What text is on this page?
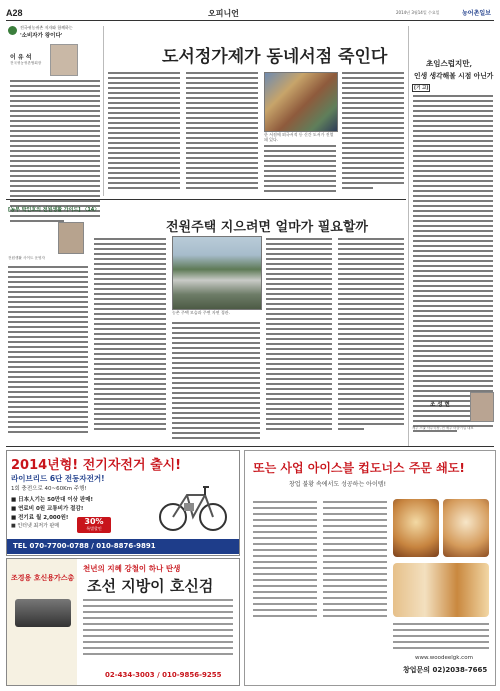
A28	오피니언	2014년 3월14일 수요일	농어촌일보
전국귀농귀촌 저자와 함께하는
'소비자가 왕이다'
이 유 석
전국귀농귀촌협회장	도서정가제가 동네서점 죽인다
한 서점에 외국서적 등 신간 도서가 진열돼 있다.
초임스럽지만,
인생 생각해볼 시점 아닌가
[기 고]
조 성 현
제주 스쿨 사무국장, 전 제주 마을기업 대표
[농부 박인호의 전원생활 가이드] 〈14〉
전원주택 지으려면 얼마가 필요할까
전원생활 사이트 운영자
농촌 주택 모습과 주변 자연 경관.
2014년형! 전기자전거 출시!
라이브리드 6단 전동자전거!
1회 충전으로 40~60Km 주행!
■ 日本人기는 50만대 이상 판매!
■ 연료비 0원 교통비가 절감!
■ 전기료 월 2,000원!
■ 인터넷 최저가 판매	30%
특별할인
TEL 070-7700-0788 / 010-8876-9891
조경용 호신용가스총
천년의 지혜 강철이 하나 탄생
조선 지방이 호신검
02-434-3003 / 010-9856-9255
또는 사업 아이스블 컵도너스 주문 쇄도!
창업 불황 속에서도 성공하는 아이템!
www.woodeelgk.com
창업문의 02)2038-7665
